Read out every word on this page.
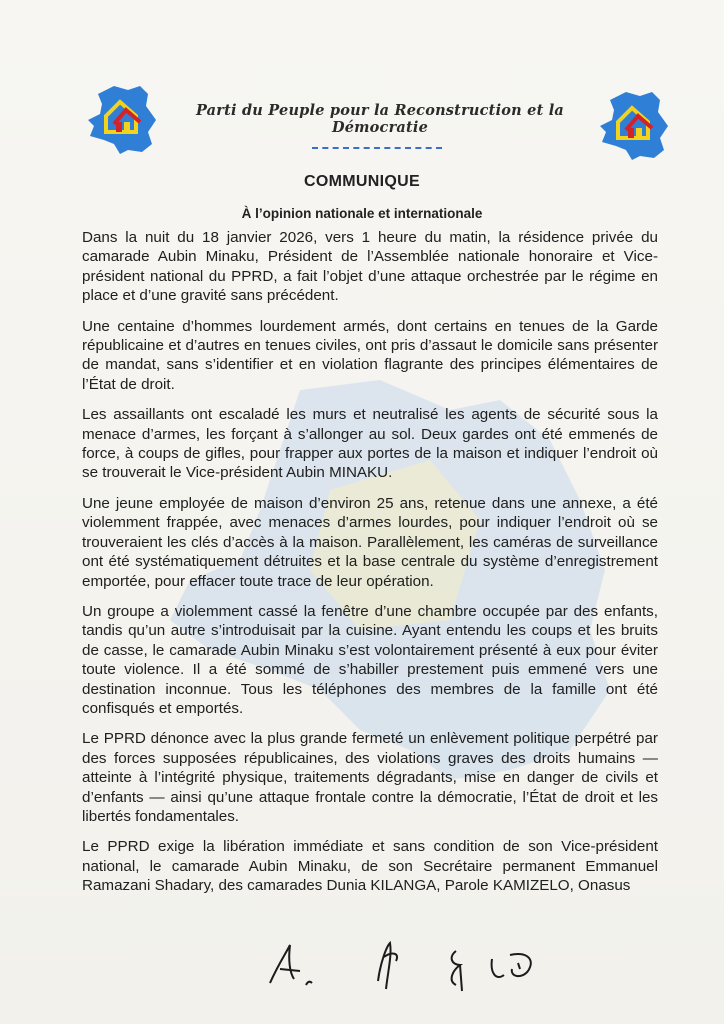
Parti du Peuple pour la Reconstruction et la Démocratie
COMMUNIQUE
À l’opinion nationale et internationale

Dans la nuit du 18 janvier 2026, vers 1 heure du matin, la résidence privée du camarade Aubin Minaku, Président de l’Assemblée nationale honoraire et Vice-président national du PPRD, a fait l’objet d’une attaque orchestrée par le régime en place et d’une gravité sans précédent.

Une centaine d’hommes lourdement armés, dont certains en tenues de la Garde républicaine et d’autres en tenues civiles, ont pris d’assaut le domicile sans présenter de mandat, sans s’identifier et en violation flagrante des principes élémentaires de l’État de droit.

Les assaillants ont escaladé les murs et neutralisé les agents de sécurité sous la menace d’armes, les forçant à s’allonger au sol. Deux gardes ont été emmenés de force, à coups de gifles, pour frapper aux portes de la maison et indiquer l’endroit où se trouverait le Vice-président Aubin MINAKU.

Une jeune employée de maison d’environ 25 ans, retenue dans une annexe, a été violemment frappée, avec menaces d’armes lourdes, pour indiquer l’endroit où se trouveraient les clés d’accès à la maison. Parallèlement, les caméras de surveillance ont été systématiquement détruites et la base centrale du système d’enregistrement emportée, pour effacer toute trace de leur opération.

Un groupe a violemment cassé la fenêtre d’une chambre occupée par des enfants, tandis qu’un autre s’introduisait par la cuisine. Ayant entendu les coups et les bruits de casse, le camarade Aubin Minaku s’est volontairement présenté à eux pour éviter toute violence. Il a été sommé de s’habiller prestement puis emmené vers une destination inconnue. Tous les téléphones des membres de la famille ont été confisqués et emportés.

Le PPRD dénonce avec la plus grande fermeté un enlèvement politique perpétré par des forces supposées républicaines, des violations graves des droits humains — atteinte à l’intégrité physique, traitements dégradants, mise en danger de civils et d’enfants — ainsi qu’une attaque frontale contre la démocratie, l’État de droit et les libertés fondamentales.

Le PPRD exige la libération immédiate et sans condition de son Vice-président national, le camarade Aubin Minaku, de son Secrétaire permanent Emmanuel Ramazani Shadary, des camarades Dunia KILANGA, Parole KAMIZELO, Onasus
